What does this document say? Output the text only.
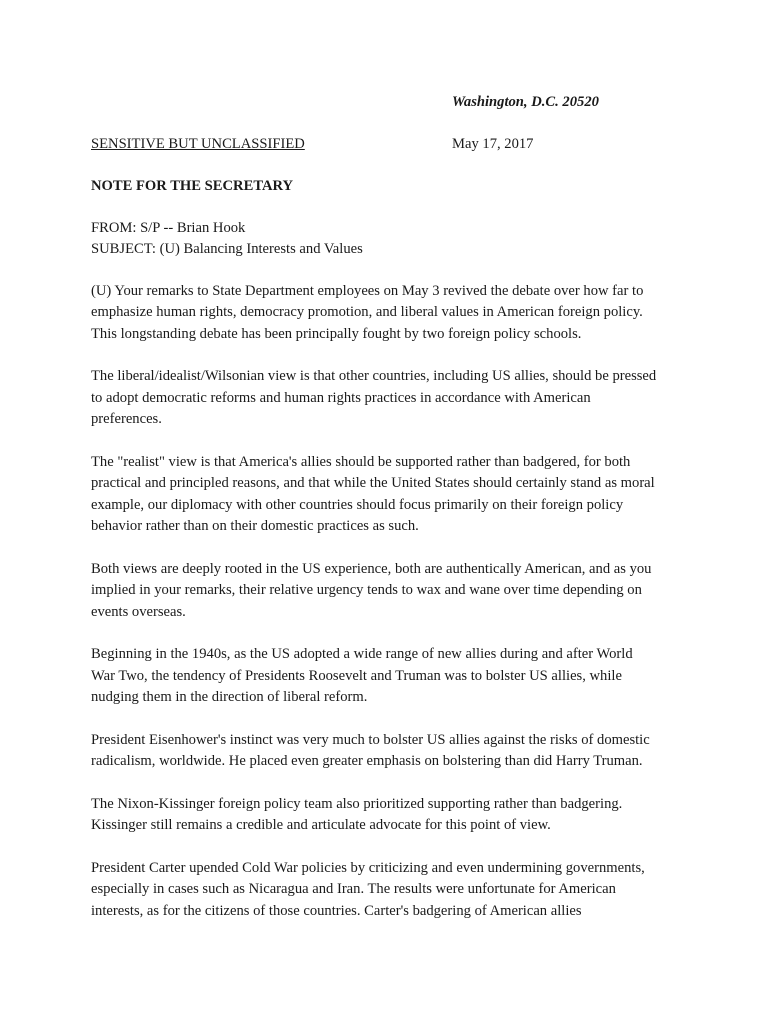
Washington, D.C. 20520
SENSITIVE BUT UNCLASSIFIED	May 17, 2017
NOTE FOR THE SECRETARY
FROM: S/P -- Brian Hook
SUBJECT: (U) Balancing Interests and Values
(U) Your remarks to State Department employees on May 3 revived the debate over how far to
emphasize human rights, democracy promotion, and liberal values in American foreign policy.
This longstanding debate has been principally fought by two foreign policy schools.
The liberal/idealist/Wilsonian view is that other countries, including US allies, should be pressed
to adopt democratic reforms and human rights practices in accordance with American
preferences.
The "realist" view is that America's allies should be supported rather than badgered, for both
practical and principled reasons, and that while the United States should certainly stand as moral
example, our diplomacy with other countries should focus primarily on their foreign policy
behavior rather than on their domestic practices as such.
Both views are deeply rooted in the US experience, both are authentically American, and as you
implied in your remarks, their relative urgency tends to wax and wane over time depending on
events overseas.
Beginning in the 1940s, as the US adopted a wide range of new allies during and after World
War Two, the tendency of Presidents Roosevelt and Truman was to bolster US allies, while
nudging them in the direction of liberal reform.
President Eisenhower's instinct was very much to bolster US allies against the risks of domestic
radicalism, worldwide. He placed even greater emphasis on bolstering than did Harry Truman.
The Nixon-Kissinger foreign policy team also prioritized supporting rather than badgering.
Kissinger still remains a credible and articulate advocate for this point of view.
President Carter upended Cold War policies by criticizing and even undermining governments,
especially in cases such as Nicaragua and Iran. The results were unfortunate for American
interests, as for the citizens of those countries. Carter's badgering of American allies
